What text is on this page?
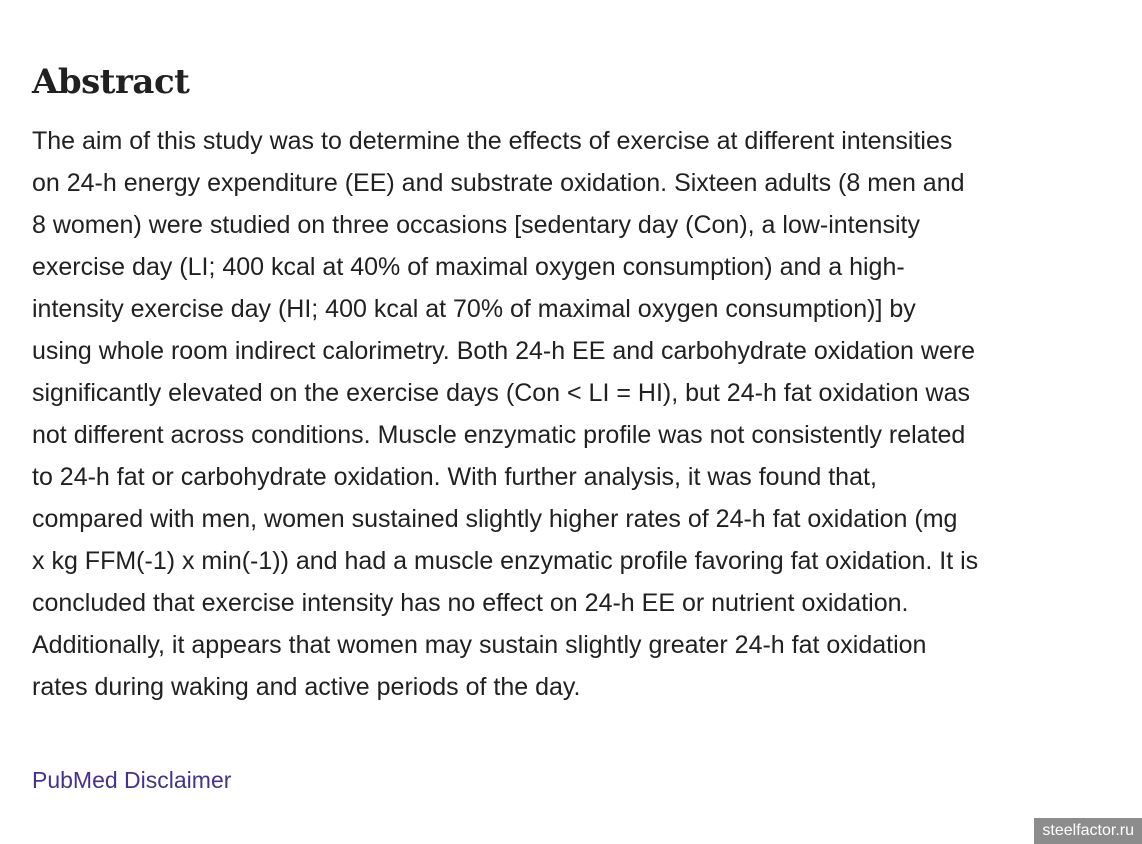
Abstract

The aim of this study was to determine the effects of exercise at different intensities
on 24-h energy expenditure (EE) and substrate oxidation. Sixteen adults (8 men and
8 women) were studied on three occasions [sedentary day (Con), a low-intensity
exercise day (LI; 400 kcal at 40% of maximal oxygen consumption) and a high-
intensity exercise day (HI; 400 kcal at 70% of maximal oxygen consumption)] by
using whole room indirect calorimetry. Both 24-h EE and carbohydrate oxidation were
significantly elevated on the exercise days (Con < LI = HI), but 24-h fat oxidation was
not different across conditions. Muscle enzymatic profile was not consistently related
to 24-h fat or carbohydrate oxidation. With further analysis, it was found that,
compared with men, women sustained slightly higher rates of 24-h fat oxidation (mg
x kg FFM(-1) x min(-1)) and had a muscle enzymatic profile favoring fat oxidation. It is
concluded that exercise intensity has no effect on 24-h EE or nutrient oxidation.
Additionally, it appears that women may sustain slightly greater 24-h fat oxidation
rates during waking and active periods of the day.

PubMed Disclaimer
steelfactor.ru
